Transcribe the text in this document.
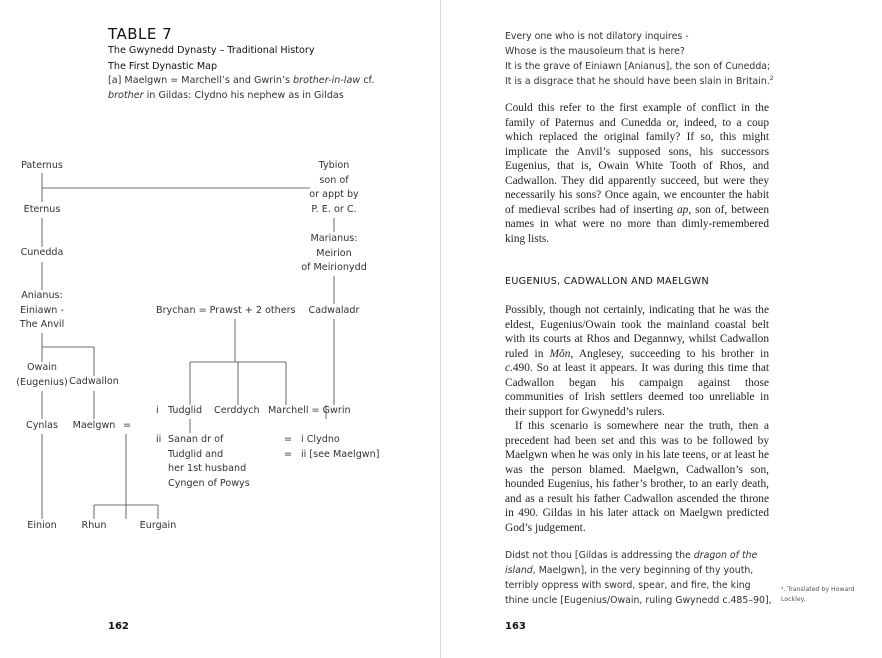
TABLE 7
The Gwynedd Dynasty – Traditional History
The First Dynastic Map
[a] Maelgwn = Marchell’s and Gwrin’s brother-in-law cf.
brother in Gildas: Clydno his nephew as in Gildas
Paternus
Eternus
Cunedda
Anianus:
Einiawn -
The Anvil
Owain
(Eugenius) Cadwallon
Cynlas	Maelgwn =
Einion	Rhun	Eurgain
Tybion
son of
or appt by
P. E. or C.
Marianus:
Meirion
of Meirionydd
Cadwaladr
Brychan = Prawst + 2 others
i Tudglid Cerddych Marchell = Gwrin
ii Sanan dr of
Tudglid and
her 1st husband
Cyngen of Powys
= i Clydno
= ii [see Maelgwn]
162
Every one who is not dilatory inquires -
Whose is the mausoleum that is here?
It is the grave of Einiawn [Anianus], the son of Cunedda;
It is a disgrace that he should have been slain in Britain.$^2$

Could this refer to the first example of conflict in the family of Paternus and Cunedda or, indeed, to a coup which replaced the original family? If so, this might implicate the Anvil’s supposed sons, his successors Eugenius, that is, Owain White Tooth of Rhos, and Cadwallon. They did apparently succeed, but were they necessarily his sons? Once again, we encounter the habit of medieval scribes had of inserting ap, son of, between names in what were no more than dimly-remembered king lists.

EUGENIUS, CADWALLON AND MAELGWN

Possibly, though not certainly, indicating that he was the eldest, Eugenius/Owain took the mainland coastal belt with its courts at Rhos and Degannwy, whilst Cadwallon ruled in Môn, Anglesey, succeeding to his brother in c.490. So at least it appears. It was during this time that Cadwallon began his campaign against those communities of Irish settlers deemed too unreliable in their support for Gwynedd’s rulers.

If this scenario is somewhere near the truth, then a precedent had been set and this was to be followed by Maelgwn when he was only in his late teens, or at least he was the person blamed. Maelgwn, Cadwallon’s son, hounded Eugenius, his father’s brother, to an early death, and as a result his father Cadwallon ascended the throne in 490. Gildas in his later attack on Maelgwn predicted God’s judgement.

Didst not thou [Gildas is addressing the dragon of the island, Maelgwn], in the very beginning of thy youth, terribly oppress with sword, spear, and fire, the king thine uncle [Eugenius/Owain, ruling Gwynedd c.485–90],
². Translated by Howard Lockley.
163
